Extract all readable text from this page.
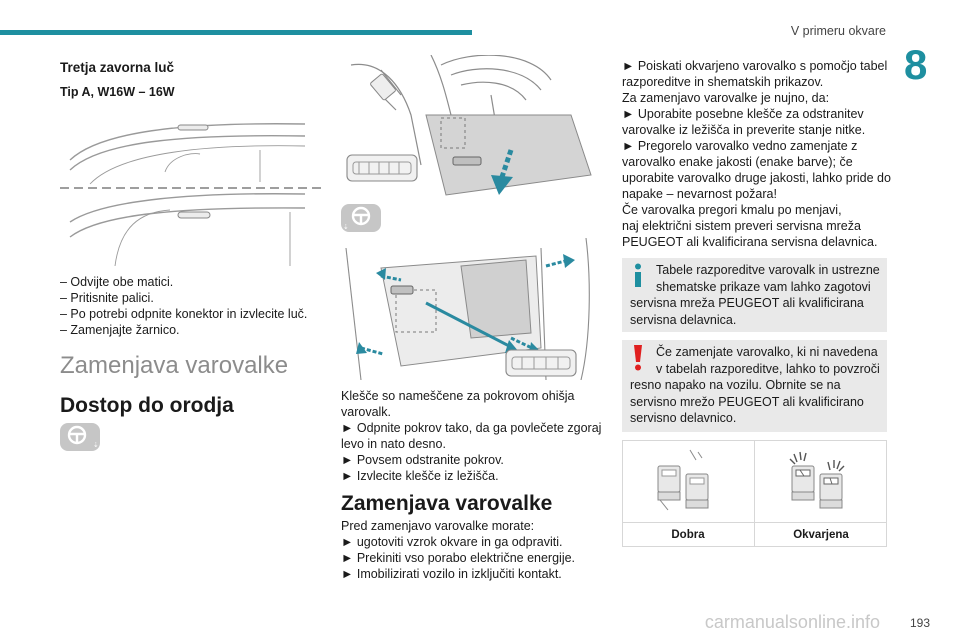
V primeru okvare
8
Tretja zavorna luč
Tip A, W16W – 16W
– Odvijte obe matici.
– Pritisnite palici.
– Po potrebi odpnite konektor in izvlecite luč.
– Zamenjajte žarnico.
Zamenjava varovalke
Dostop do orodja
⇣
⇣
Klešče so nameščene za pokrovom ohišja
varovalk.
► Odpnite pokrov tako, da ga povlečete zgoraj
levo in nato desno.
► Povsem odstranite pokrov.
► Izvlecite klešče iz ležišča.
Zamenjava varovalke
Pred zamenjavo varovalke morate:
► ugotoviti vzrok okvare in ga odpraviti.
► Prekiniti vso porabo električne energije.
► Imobilizirati vozilo in izključiti kontakt.
► Poiskati okvarjeno varovalko s pomočjo tabel
razporeditve in shematskih prikazov.
Za zamenjavo varovalke je nujno, da:
► Uporabite posebne klešče za odstranitev
varovalke iz ležišča in preverite stanje nitke.
► Pregorelo varovalko vedno zamenjate z
varovalko enake jakosti (enake barve); če
uporabite varovalko druge jakosti, lahko pride do
napake – nevarnost požara!
Če varovalka pregori kmalu po menjavi,
naj električni sistem preveri servisna mreža
PEUGEOT ali kvalificirana servisna delavnica.
Tabele razporeditve varovalk in ustrezne
shematske prikaze vam lahko zagotovi
servisna mreža PEUGEOT ali kvalificirana
servisna delavnica.
Če zamenjate varovalko, ki ni navedena
v tabelah razporeditve, lahko to povzroči
resno napako na vozilu. Obrnite se na
servisno mrežo PEUGEOT ali kvalificirano
servisno delavnico.
Dobra	Okvarjena
carmanualsonline.info 193
